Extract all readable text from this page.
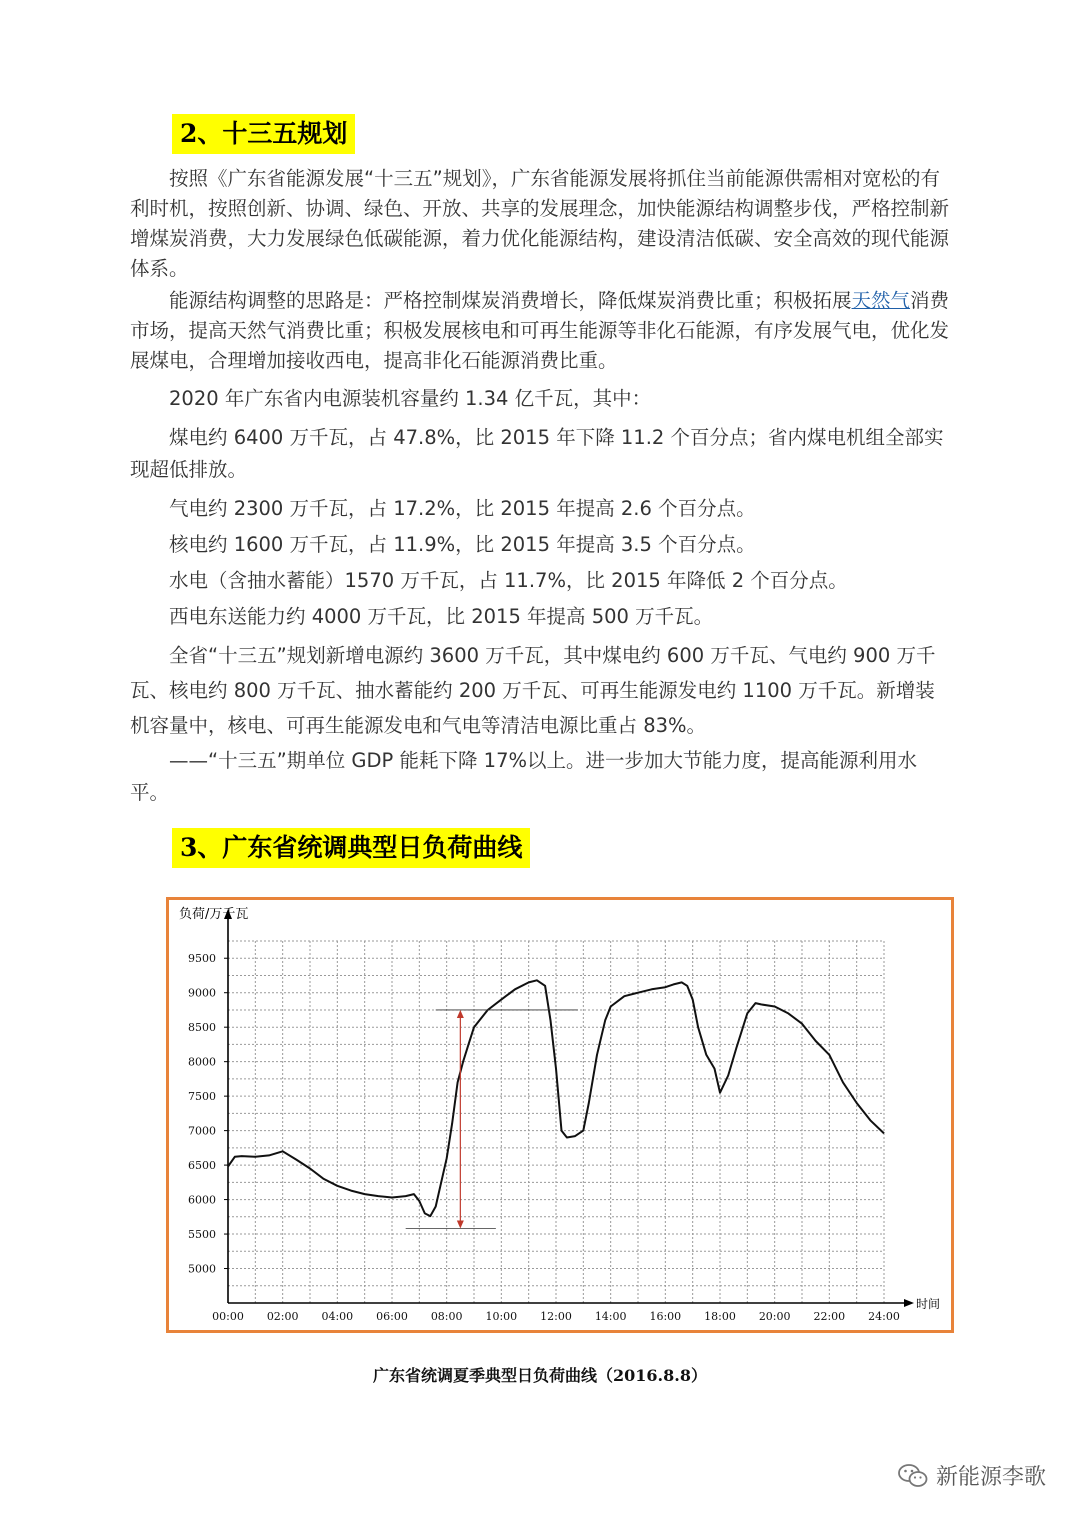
2、十三五规划

按照《广东省能源发展“十三五”规划》，广东省能源发展将抓住当前能源供需相对宽松的有利时机，按照创新、协调、绿色、开放、共享的发展理念，加快能源结构调整步伐，严格控制新增煤炭消费，大力发展绿色低碳能源，着力优化能源结构，建设清洁低碳、安全高效的现代能源体系。

能源结构调整的思路是：严格控制煤炭消费增长，降低煤炭消费比重；积极拓展天然气消费市场，提高天然气消费比重；积极发展核电和可再生能源等非化石能源，有序发展气电，优化发展煤电，合理增加接收西电，提高非化石能源消费比重。

2020 年广东省内电源装机容量约 1.34 亿千瓦，其中：

煤电约 6400 万千瓦，占 47.8%，比 2015 年下降 11.2 个百分点；省内煤电机组全部实现超低排放。

气电约 2300 万千瓦，占 17.2%，比 2015 年提高 2.6 个百分点。

核电约 1600 万千瓦，占 11.9%，比 2015 年提高 3.5 个百分点。

水电（含抽水蓄能）1570 万千瓦，占 11.7%，比 2015 年降低 2 个百分点。

西电东送能力约 4000 万千瓦，比 2015 年提高 500 万千瓦。

全省“十三五”规划新增电源约 3600 万千瓦，其中煤电约 600 万千瓦、气电约 900 万千瓦、核电约 800 万千瓦、抽水蓄能约 200 万千瓦、可再生能源发电约 1100 万千瓦。新增装机容量中，核电、可再生能源发电和气电等清洁电源比重占 83%。

——“十三五”期单位 GDP 能耗下降 17%以上。进一步加大节能力度，提高能源利用水平。

3、广东省统调典型日负荷曲线
负荷/万千瓦
时间
5000
5500
6000
6500
7000
7500
8000
8500
9000
9500
00:00 02:00 04:00 06:00 08:00 10:00 12:00 14:00 16:00 18:00 20:00 22:00 24:00
广东省统调夏季典型日负荷曲线（2016.8.8）
新能源李歌
